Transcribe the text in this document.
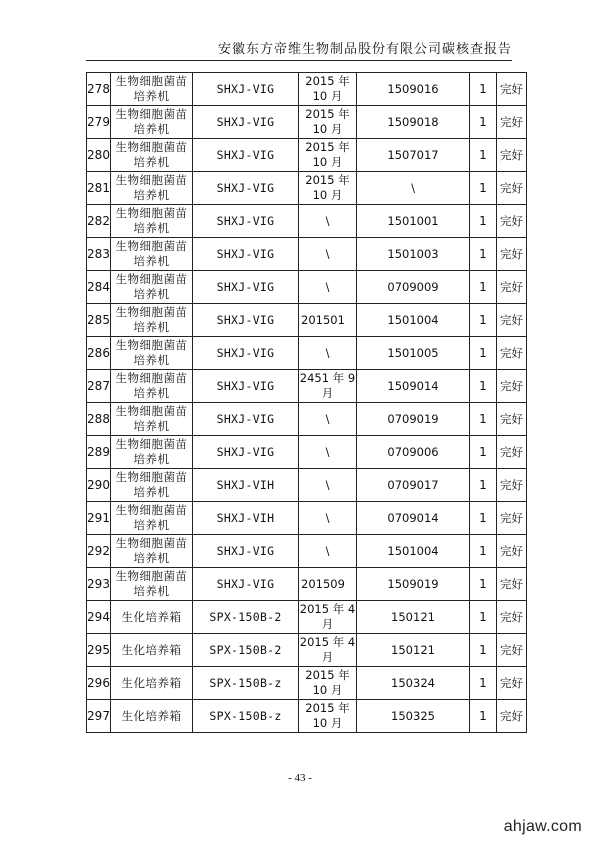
安徽东方帝维生物制品股份有限公司碳核查报告
278	生物细胞菌苗培养机	SHXJ-VIG	2015 年 10 月	1509016	1	完好
279	生物细胞菌苗培养机	SHXJ-VIG	2015 年 10 月	1509018	1	完好
280	生物细胞菌苗培养机	SHXJ-VIG	2015 年 10 月	1507017	1	完好
281	生物细胞菌苗培养机	SHXJ-VIG	2015 年 10 月	\	1	完好
282	生物细胞菌苗培养机	SHXJ-VIG	\	1501001	1	完好
283	生物细胞菌苗培养机	SHXJ-VIG	\	1501003	1	完好
284	生物细胞菌苗培养机	SHXJ-VIG	\	0709009	1	完好
285	生物细胞菌苗培养机	SHXJ-VIG	201501	1501004	1	完好
286	生物细胞菌苗培养机	SHXJ-VIG	\	1501005	1	完好
287	生物细胞菌苗培养机	SHXJ-VIG	2451 年 9 月	1509014	1	完好
288	生物细胞菌苗培养机	SHXJ-VIG	\	0709019	1	完好
289	生物细胞菌苗培养机	SHXJ-VIG	\	0709006	1	完好
290	生物细胞菌苗培养机	SHXJ-VIH	\	0709017	1	完好
291	生物细胞菌苗培养机	SHXJ-VIH	\	0709014	1	完好
292	生物细胞菌苗培养机	SHXJ-VIG	\	1501004	1	完好
293	生物细胞菌苗培养机	SHXJ-VIG	201509	1509019	1	完好
294	生化培养箱	SPX-150B-2	2015 年 4 月	150121	1	完好
295	生化培养箱	SPX-150B-2	2015 年 4 月	150121	1	完好
296	生化培养箱	SPX-150B-z	2015 年 10 月	150324	1	完好
297	生化培养箱	SPX-150B-z	2015 年 10 月	150325	1	完好
- 43 -
ahjaw.com
